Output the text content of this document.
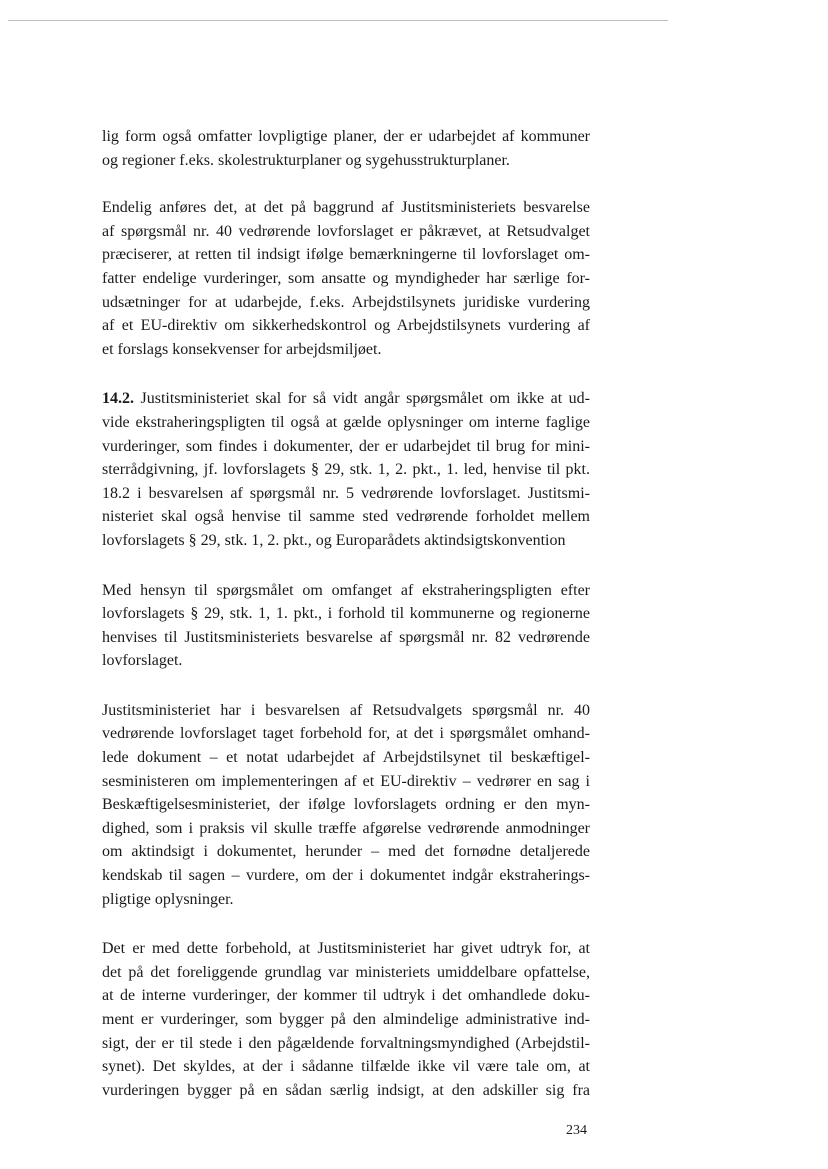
lig form også omfatter lovpligtige planer, der er udarbejdet af kommuner
og regioner f.eks. skolestrukturplaner og sygehusstrukturplaner.

Endelig anføres det, at det på baggrund af Justitsministeriets besvarelse
af spørgsmål nr. 40 vedrørende lovforslaget er påkrævet, at Retsudvalget
præciserer, at retten til indsigt ifølge bemærkningerne til lovforslaget om-
fatter endelige vurderinger, som ansatte og myndigheder har særlige for-
udsætninger for at udarbejde, f.eks. Arbejdstilsynets juridiske vurdering
af et EU-direktiv om sikkerhedskontrol og Arbejdstilsynets vurdering af
et forslags konsekvenser for arbejdsmiljøet.

14.2. Justitsministeriet skal for så vidt angår spørgsmålet om ikke at ud-
vide ekstraheringspligten til også at gælde oplysninger om interne faglige
vurderinger, som findes i dokumenter, der er udarbejdet til brug for mini-
sterrådgivning, jf. lovforslagets § 29, stk. 1, 2. pkt., 1. led, henvise til pkt.
18.2 i besvarelsen af spørgsmål nr. 5 vedrørende lovforslaget. Justitsmi-
nisteriet skal også henvise til samme sted vedrørende forholdet mellem
lovforslagets § 29, stk. 1, 2. pkt., og Europarådets aktindsigtskonvention

Med hensyn til spørgsmålet om omfanget af ekstraheringspligten efter
lovforslagets § 29, stk. 1, 1. pkt., i forhold til kommunerne og regionerne
henvises til Justitsministeriets besvarelse af spørgsmål nr. 82 vedrørende
lovforslaget.

Justitsministeriet har i besvarelsen af Retsudvalgets spørgsmål nr. 40
vedrørende lovforslaget taget forbehold for, at det i spørgsmålet omhand-
lede dokument – et notat udarbejdet af Arbejdstilsynet til beskæftigel-
sesministeren om implementeringen af et EU-direktiv – vedrører en sag i
Beskæftigelsesministeriet, der ifølge lovforslagets ordning er den myn-
dighed, som i praksis vil skulle træffe afgørelse vedrørende anmodninger
om aktindsigt i dokumentet, herunder – med det fornødne detaljerede
kendskab til sagen – vurdere, om der i dokumentet indgår ekstraherings-
pligtige oplysninger.

Det er med dette forbehold, at Justitsministeriet har givet udtryk for, at
det på det foreliggende grundlag var ministeriets umiddelbare opfattelse,
at de interne vurderinger, der kommer til udtryk i det omhandlede doku-
ment er vurderinger, som bygger på den almindelige administrative ind-
sigt, der er til stede i den pågældende forvaltningsmyndighed (Arbejdstil-
synet). Det skyldes, at der i sådanne tilfælde ikke vil være tale om, at
vurderingen bygger på en sådan særlig indsigt, at den adskiller sig fra

234
